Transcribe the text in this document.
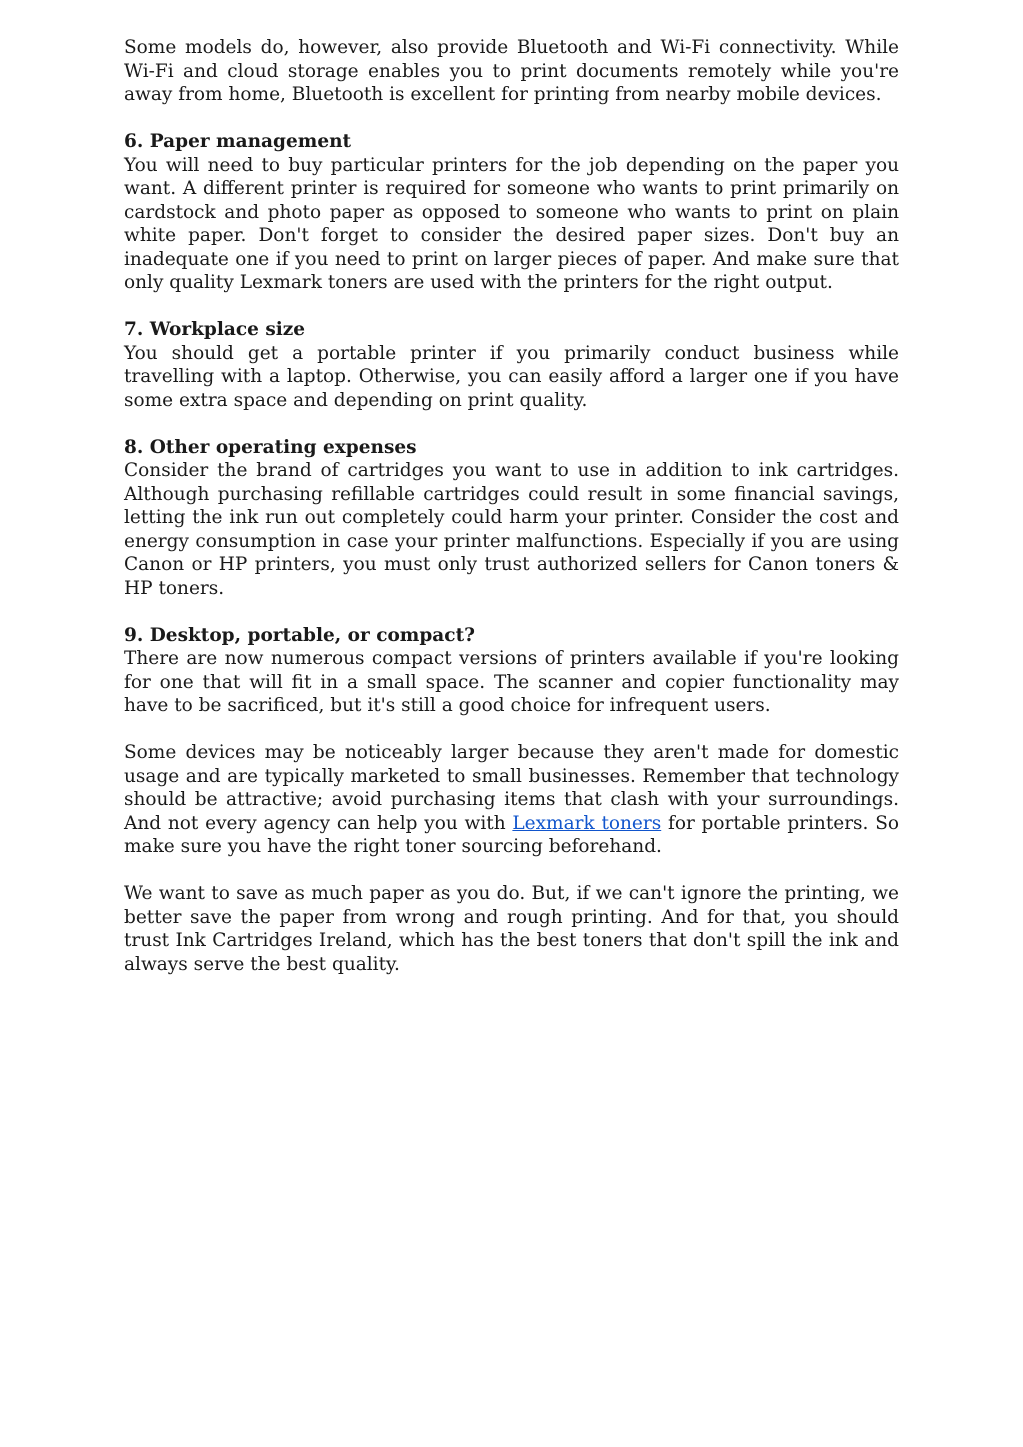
Some models do, however, also provide Bluetooth and Wi-Fi connectivity. While Wi-Fi and cloud storage enables you to print documents remotely while you're away from home, Bluetooth is excellent for printing from nearby mobile devices.

6. Paper management

You will need to buy particular printers for the job depending on the paper you want. A different printer is required for someone who wants to print primarily on cardstock and photo paper as opposed to someone who wants to print on plain white paper. Don't forget to consider the desired paper sizes. Don't buy an inadequate one if you need to print on larger pieces of paper. And make sure that only quality Lexmark toners are used with the printers for the right output.

7. Workplace size

You should get a portable printer if you primarily conduct business while travelling with a laptop. Otherwise, you can easily afford a larger one if you have some extra space and depending on print quality.

8. Other operating expenses

Consider the brand of cartridges you want to use in addition to ink cartridges. Although purchasing refillable cartridges could result in some financial savings, letting the ink run out completely could harm your printer. Consider the cost and energy consumption in case your printer malfunctions. Especially if you are using Canon or HP printers, you must only trust authorized sellers for Canon toners & HP toners.

9. Desktop, portable, or compact?

There are now numerous compact versions of printers available if you're looking for one that will fit in a small space. The scanner and copier functionality may have to be sacrificed, but it's still a good choice for infrequent users.

Some devices may be noticeably larger because they aren't made for domestic usage and are typically marketed to small businesses. Remember that technology should be attractive; avoid purchasing items that clash with your surroundings. And not every agency can help you with Lexmark toners for portable printers. So make sure you have the right toner sourcing beforehand.

We want to save as much paper as you do. But, if we can't ignore the printing, we better save the paper from wrong and rough printing. And for that, you should trust Ink Cartridges Ireland, which has the best toners that don't spill the ink and always serve the best quality.
